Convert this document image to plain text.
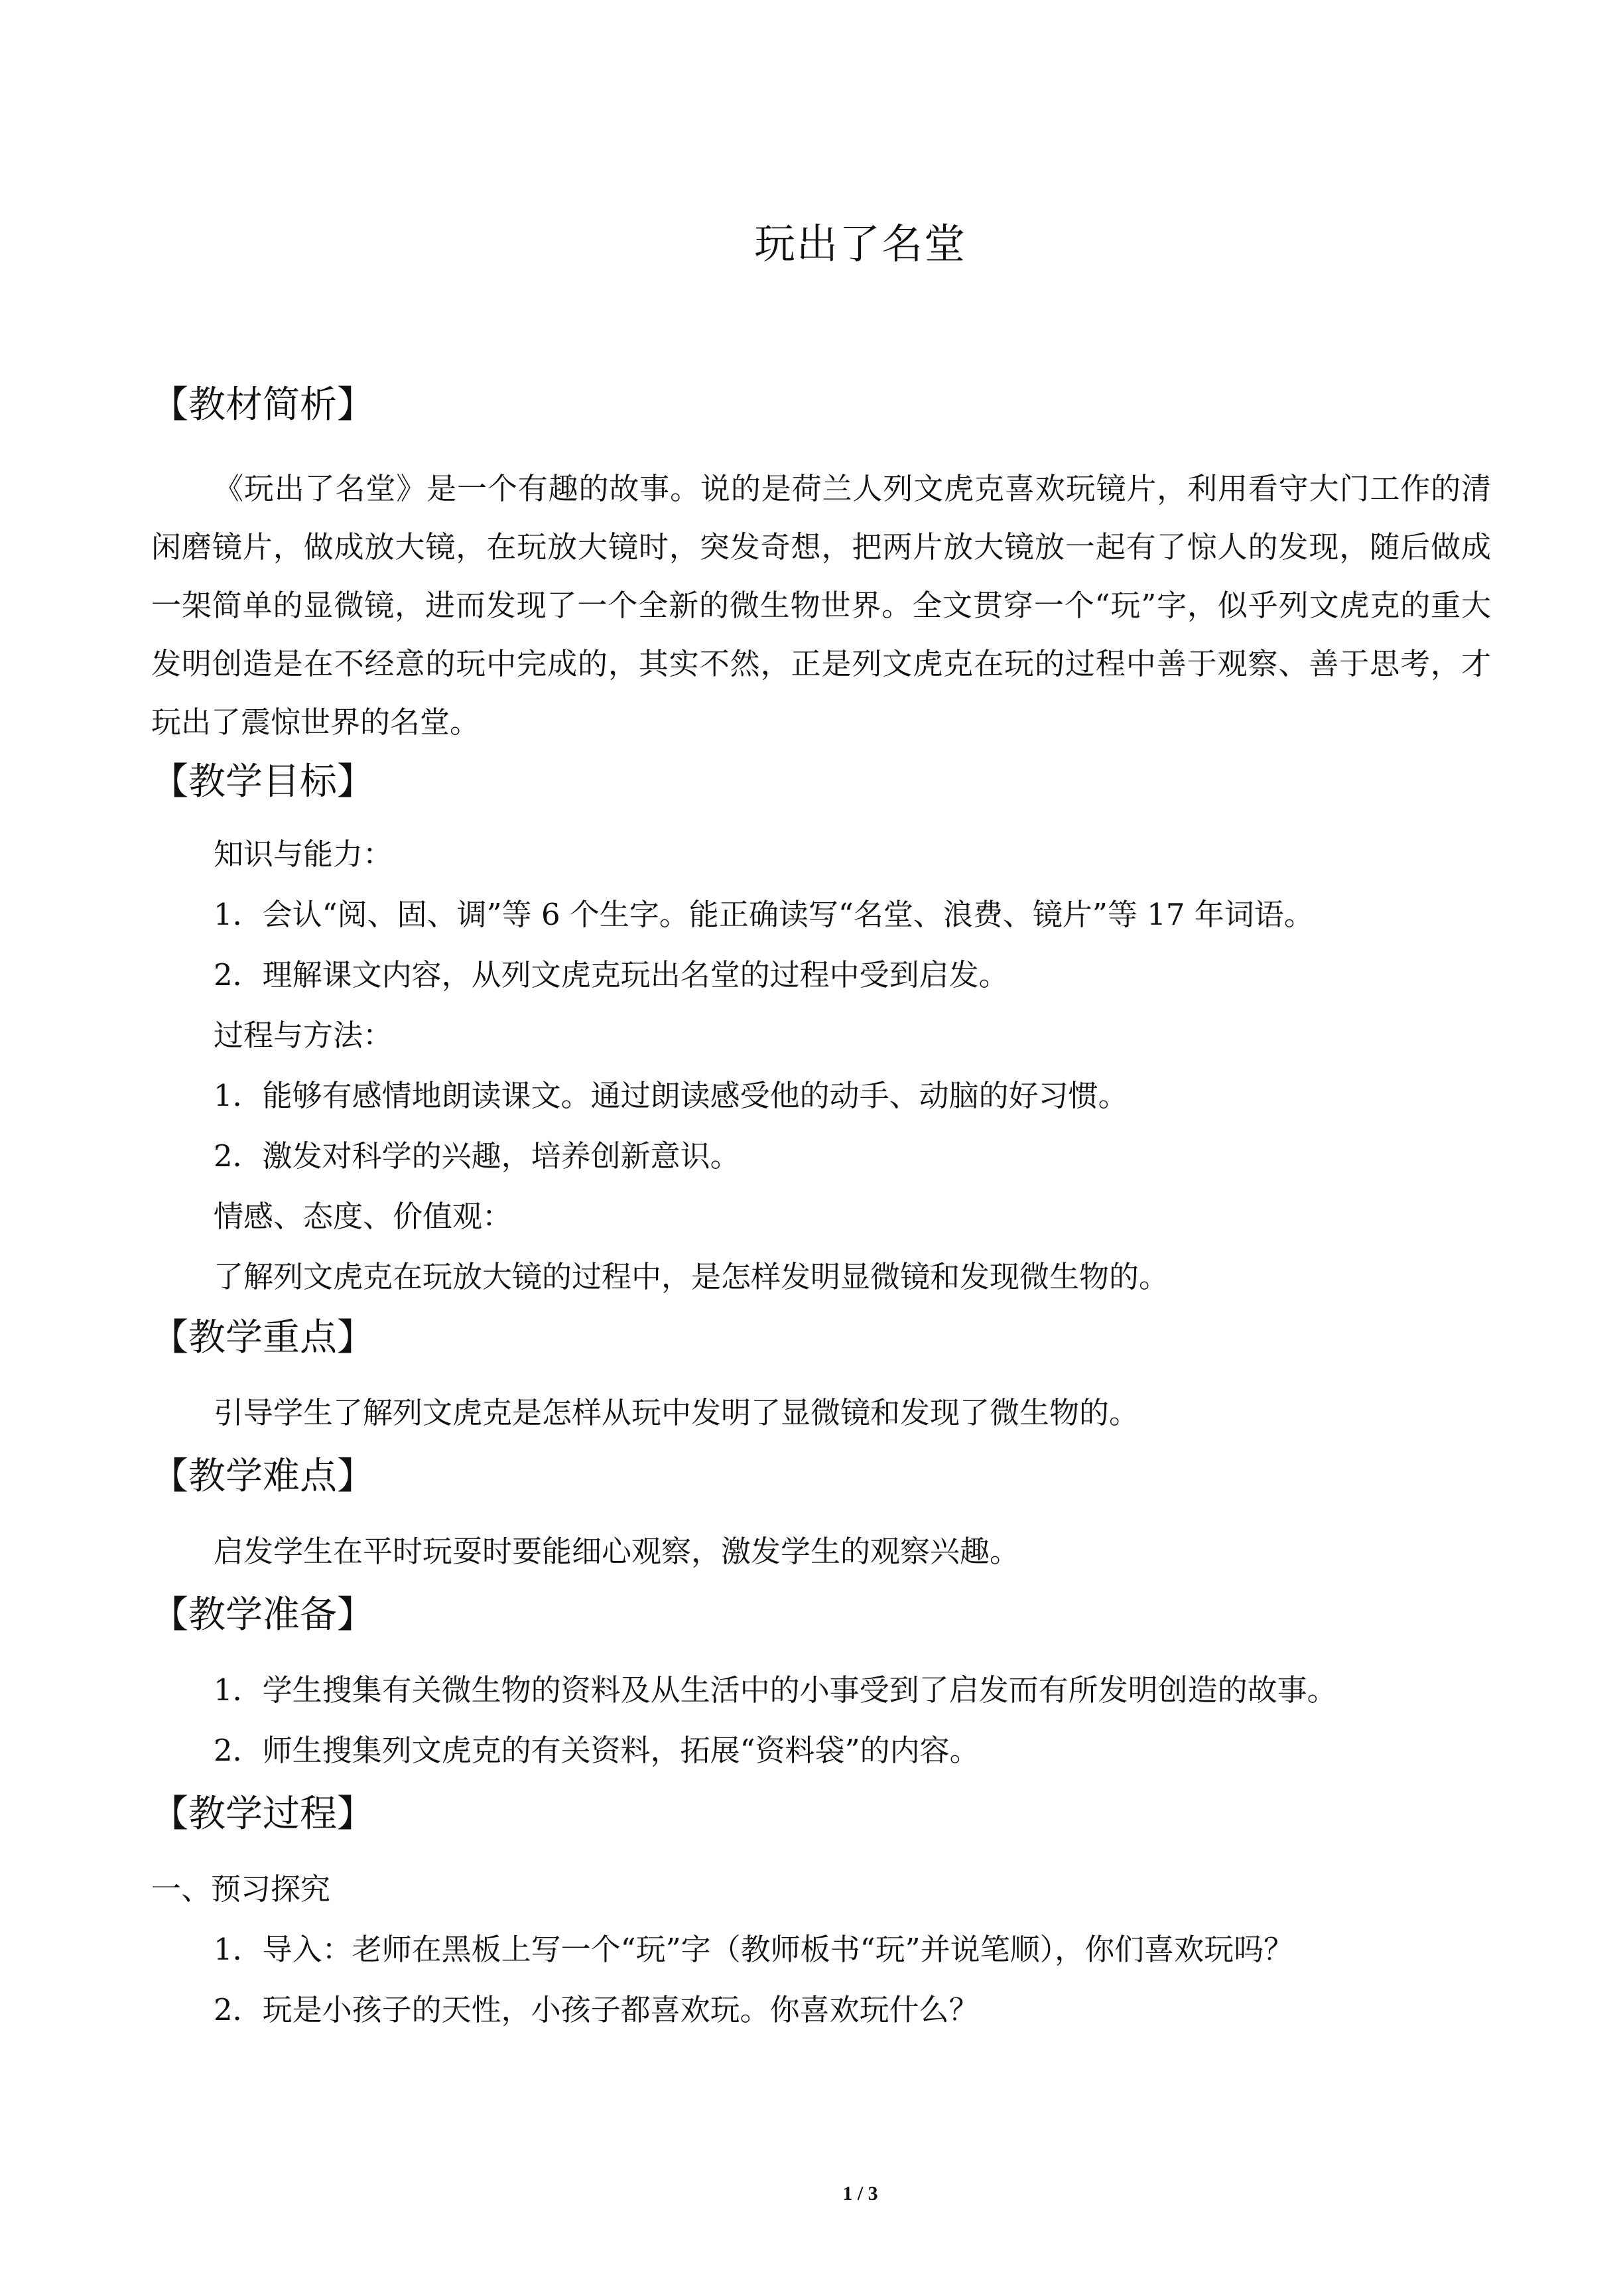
玩出了名堂
【教材简析】

《玩出了名堂》是一个有趣的故事。说的是荷兰人列文虎克喜欢玩镜片，利用看守大门工作的清闲磨镜片，做成放大镜，在玩放大镜时，突发奇想，把两片放大镜放一起有了惊人的发现，随后做成一架简单的显微镜，进而发现了一个全新的微生物世界。全文贯穿一个“玩”字，似乎列文虎克的重大发明创造是在不经意的玩中完成的，其实不然，正是列文虎克在玩的过程中善于观察、善于思考，才玩出了震惊世界的名堂。

【教学目标】
知识与能力：
1．会认“阅、固、调”等 6 个生字。能正确读写“名堂、浪费、镜片”等 17 年词语。
2．理解课文内容，从列文虎克玩出名堂的过程中受到启发。
过程与方法：
1．能够有感情地朗读课文。通过朗读感受他的动手、动脑的好习惯。
2．激发对科学的兴趣，培养创新意识。
情感、态度、价值观：
了解列文虎克在玩放大镜的过程中，是怎样发明显微镜和发现微生物的。
【教学重点】
引导学生了解列文虎克是怎样从玩中发明了显微镜和发现了微生物的。
【教学难点】
启发学生在平时玩耍时要能细心观察，激发学生的观察兴趣。
【教学准备】
1．学生搜集有关微生物的资料及从生活中的小事受到了启发而有所发明创造的故事。
2．师生搜集列文虎克的有关资料，拓展“资料袋”的内容。
【教学过程】
一、预习探究
1．导入：老师在黑板上写一个“玩”字（教师板书“玩”并说笔顺），你们喜欢玩吗？
2．玩是小孩子的天性，小孩子都喜欢玩。你喜欢玩什么？
1 / 3
